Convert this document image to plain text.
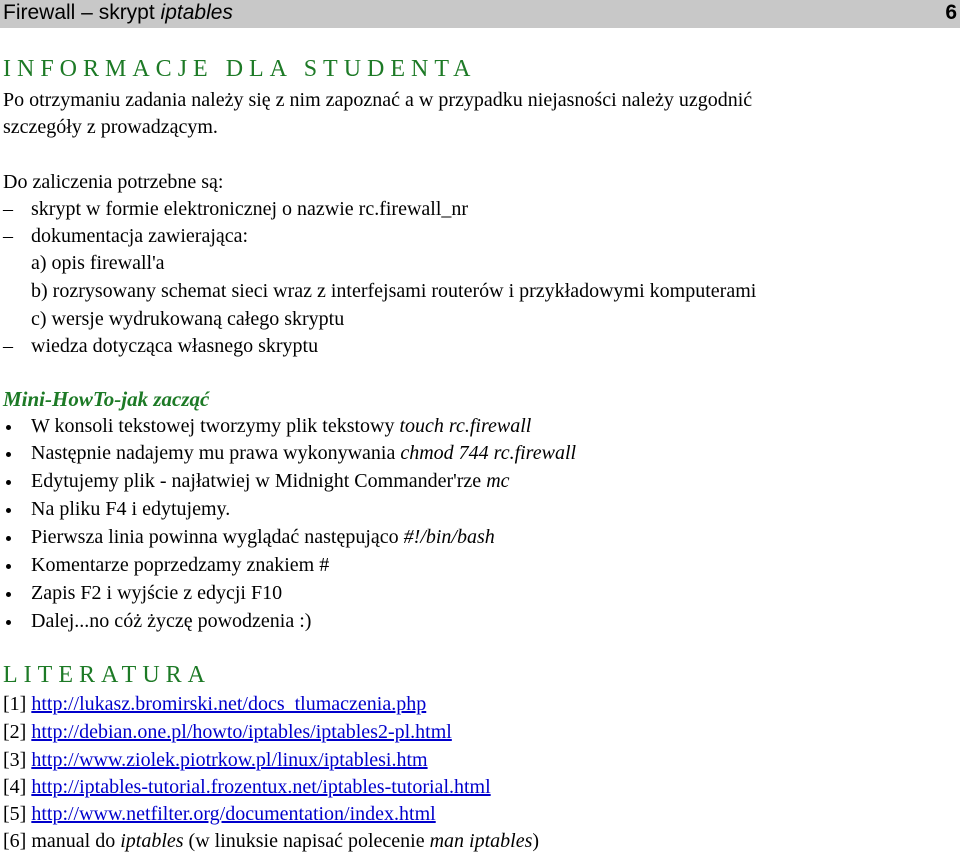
Firewall – skrypt iptables	6
INFORMACJE DLA STUDENTA
Po otrzymaniu zadania należy się z nim zapoznać a w przypadku niejasności należy uzgodnić
szczegóły z prowadzącym.
Do zaliczenia potrzebne są:
– skrypt w formie elektronicznej o nazwie rc.firewall_nr
– dokumentacja zawierająca:
a) opis firewall'a
b) rozrysowany schemat sieci wraz z interfejsami routerów i przykładowymi komputerami
c) wersje wydrukowaną całego skryptu
– wiedza dotycząca własnego skryptu
Mini-HowTo-jak zacząć
W konsoli tekstowej tworzymy plik tekstowy touch rc.firewall
Następnie nadajemy mu prawa wykonywania chmod 744 rc.firewall
Edytujemy plik - najłatwiej w Midnight Commander'rze mc
Na pliku F4 i edytujemy.
Pierwsza linia powinna wyglądać następująco #!/bin/bash
Komentarze poprzedzamy znakiem #
Zapis F2 i wyjście z edycji F10
Dalej...no cóż życzę powodzenia :)
LITERATURA
[1] http://lukasz.bromirski.net/docs_tlumaczenia.php
[2] http://debian.one.pl/howto/iptables/iptables2-pl.html
[3] http://www.ziolek.piotrkow.pl/linux/iptablesi.htm
[4] http://iptables-tutorial.frozentux.net/iptables-tutorial.html
[5] http://www.netfilter.org/documentation/index.html
[6] manual do iptables (w linuksie napisać polecenie man iptables)
